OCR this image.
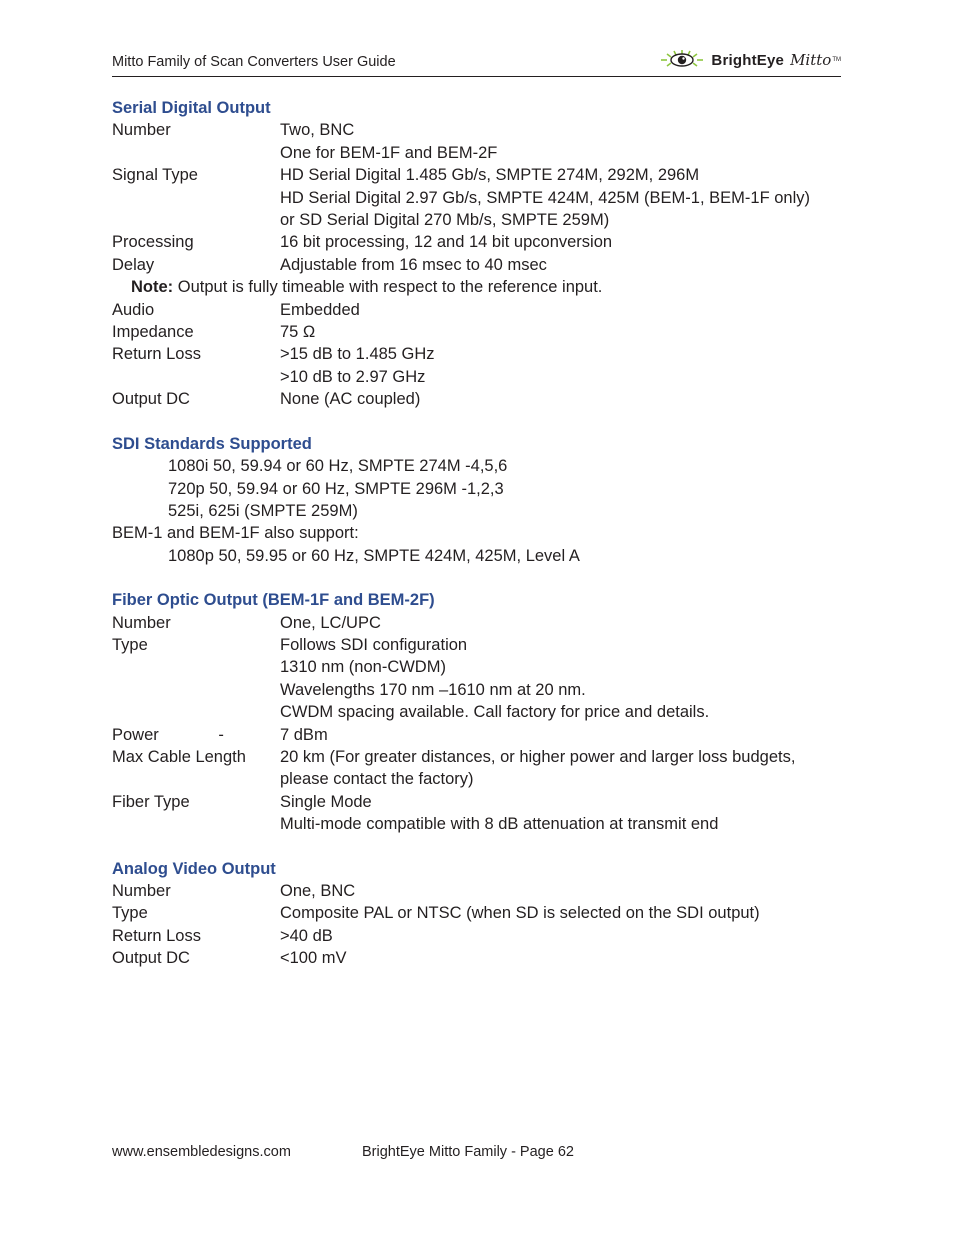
Mitto Family of Scan Converters User Guide	BrightEye Mitto TM
Serial Digital Output
Number	Two, BNC
One for BEM-1F and BEM-2F
Signal Type	HD Serial Digital 1.485 Gb/s, SMPTE 274M, 292M, 296M
HD Serial Digital 2.97 Gb/s, SMPTE 424M, 425M (BEM-1, BEM-1F only)
or SD Serial Digital 270 Mb/s, SMPTE 259M)
Processing	16 bit processing, 12 and 14 bit upconversion
Delay	Adjustable from 16 msec to 40 msec
Note: Output is fully timeable with respect to the reference input.
Audio	Embedded
Impedance	75 Ω
Return Loss	>15 dB to 1.485 GHz
>10 dB to 2.97 GHz
Output DC	None (AC coupled)
SDI Standards Supported
1080i 50, 59.94 or 60 Hz, SMPTE 274M -4,5,6
720p 50, 59.94 or 60 Hz, SMPTE 296M -1,2,3
525i, 625i (SMPTE 259M)
BEM-1 and BEM-1F also support:
1080p 50, 59.95 or 60 Hz, SMPTE 424M, 425M, Level A
Fiber Optic Output (BEM-1F and BEM-2F)
Number	One, LC/UPC
Type	Follows SDI configuration
1310 nm (non-CWDM)
Wavelengths 170 nm –1610 nm at 20 nm.
CWDM spacing available. Call factory for price and details.
Power             -	7 dBm
Max Cable Length	20 km (For greater distances, or higher power and larger loss budgets,
please contact the factory)
Fiber Type	Single Mode
Multi-mode compatible with 8 dB attenuation at transmit end
Analog Video Output
Number	One, BNC
Type	Composite PAL or NTSC (when SD is selected on the SDI output)
Return Loss	>40 dB
Output DC	<100 mV
www.ensembledesigns.com	BrightEye Mitto Family - Page 62
